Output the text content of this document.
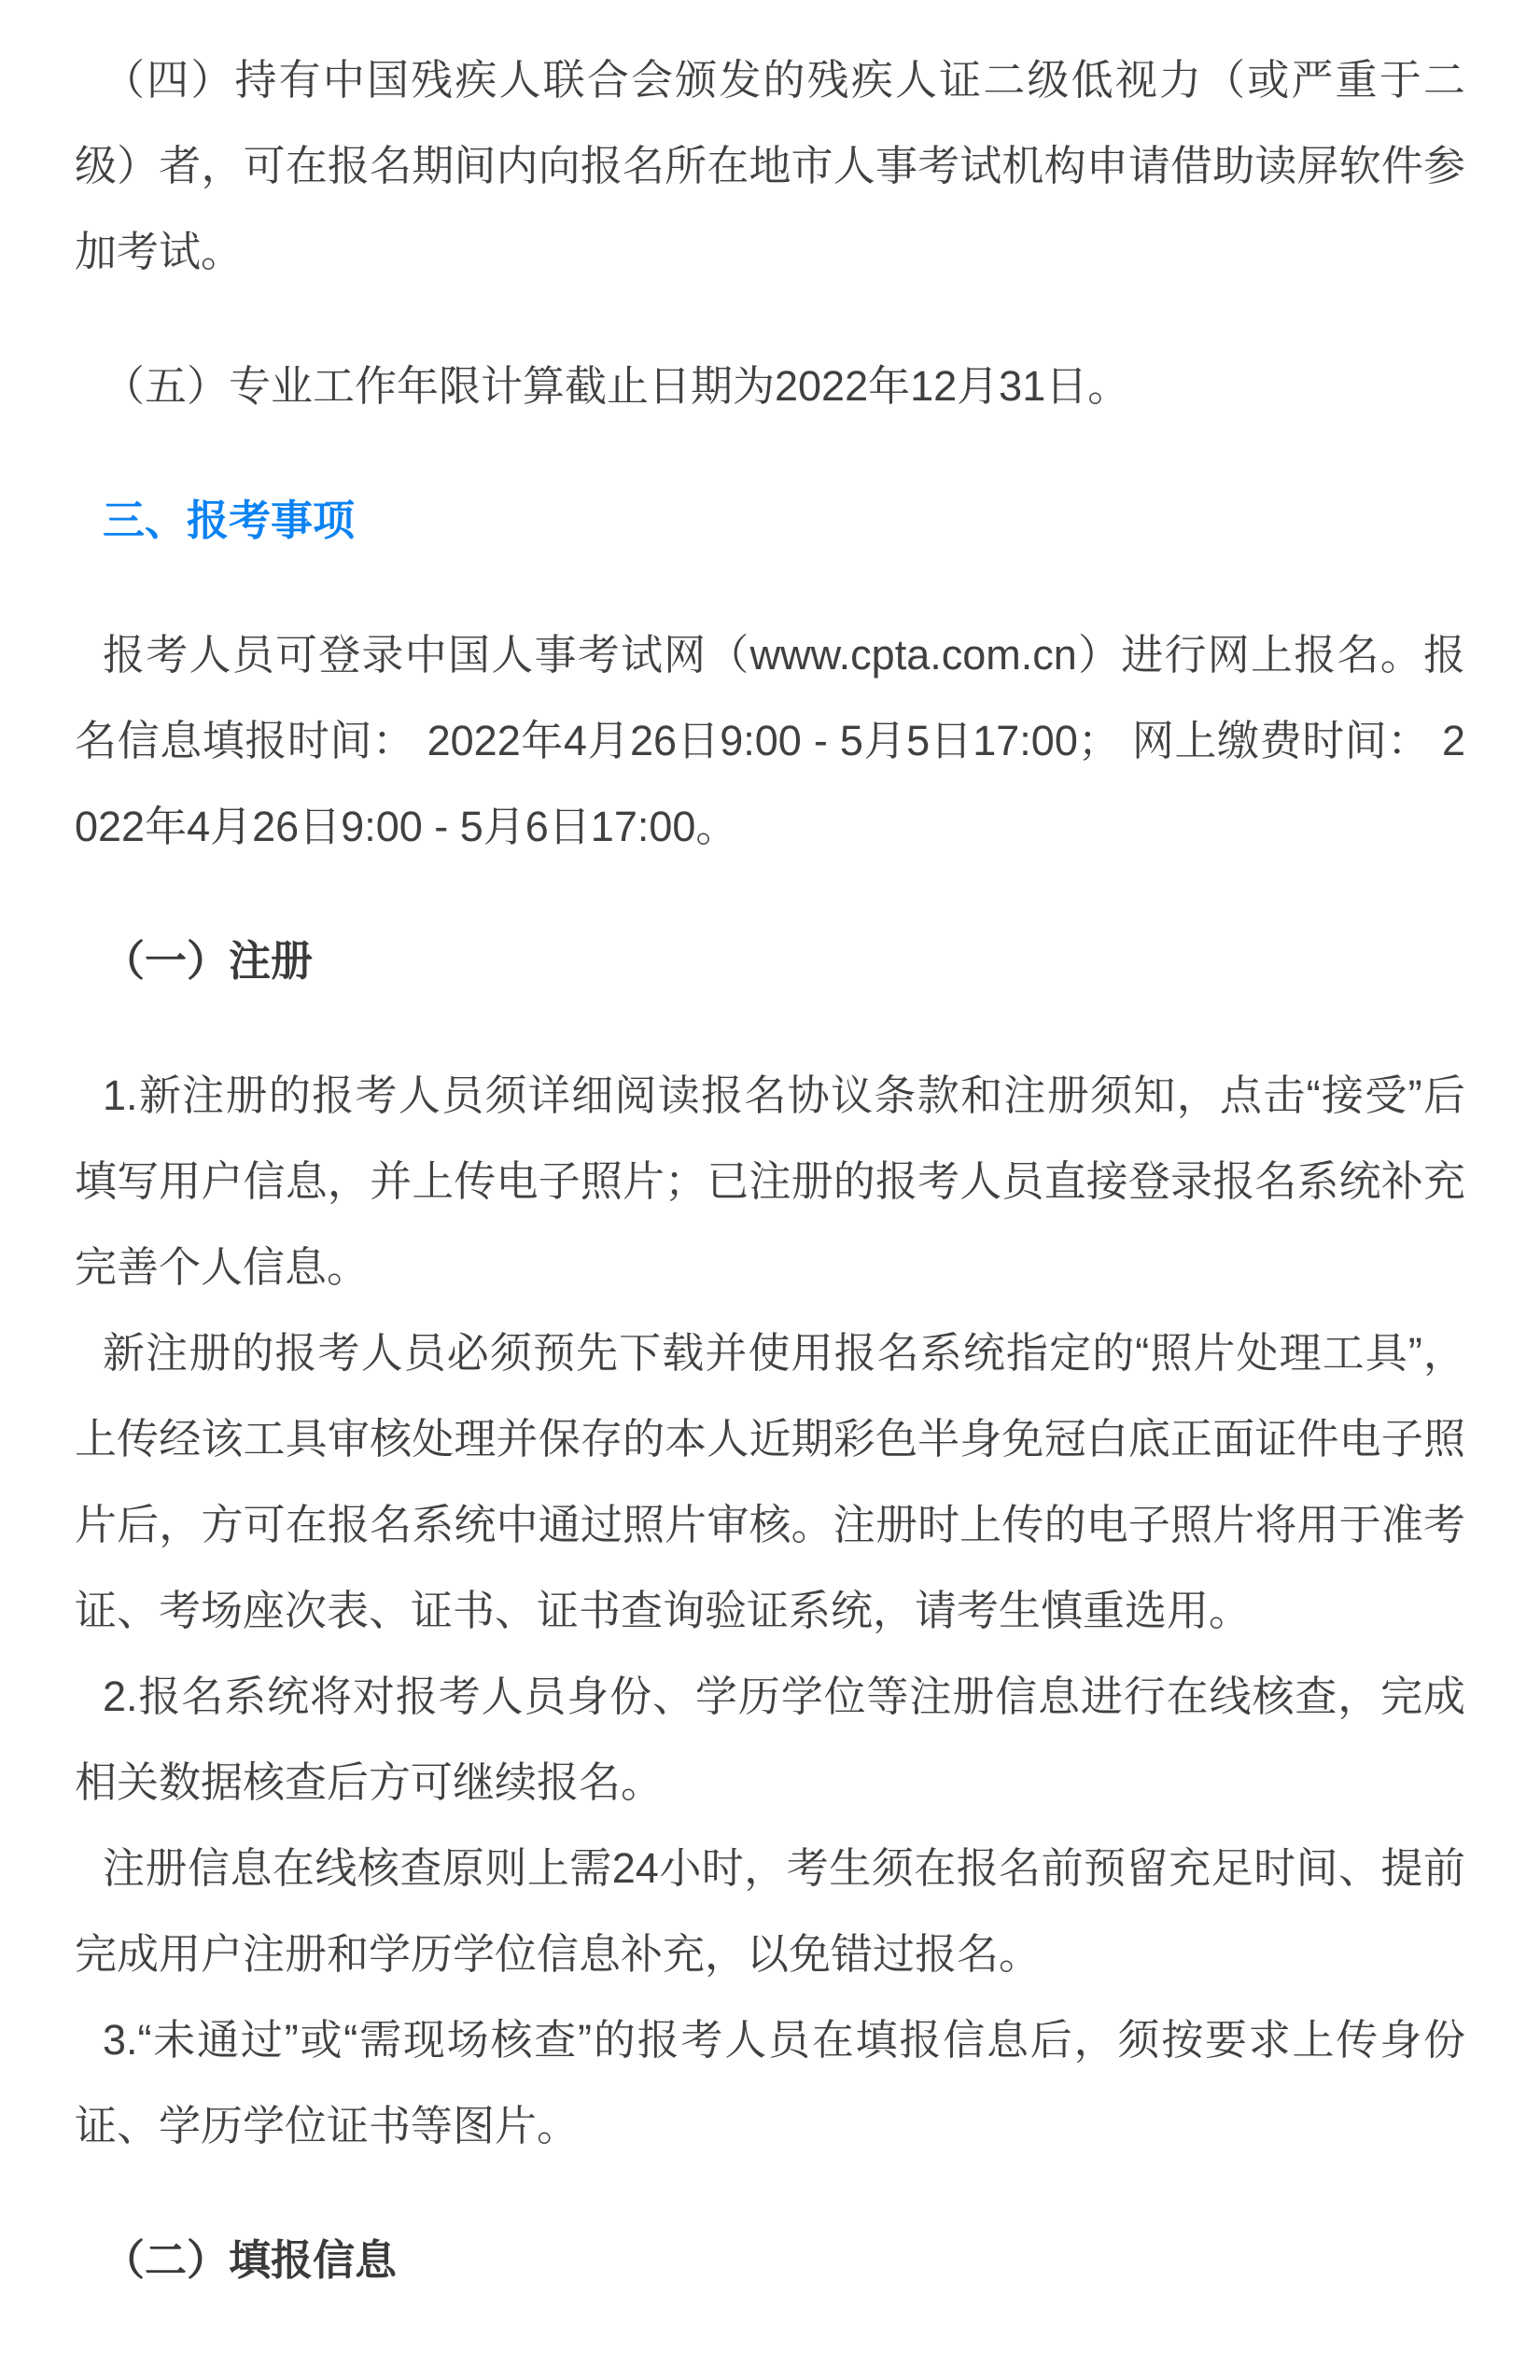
（四）持有中国残疾人联合会颁发的残疾人证二级低视力（或严重于二级）者，可在报名期间内向报名所在地市人事考试机构申请借助读屏软件参加考试。

（五）专业工作年限计算截止日期为2022年12月31日。

三、报考事项

报考人员可登录中国人事考试网（www.cpta.com.cn）进行网上报名。报名信息填报时间： 2022年4月26日9:00 - 5月5日17:00； 网上缴费时间： 2022年4月26日9:00 - 5月6日17:00。

（一）注册

1.新注册的报考人员须详细阅读报名协议条款和注册须知，点击“接受”后填写用户信息，并上传电子照片；已注册的报考人员直接登录报名系统补充完善个人信息。

新注册的报考人员必须预先下载并使用报名系统指定的“照片处理工具”，上传经该工具审核处理并保存的本人近期彩色半身免冠白底正面证件电子照片后，方可在报名系统中通过照片审核。注册时上传的电子照片将用于准考证、考场座次表、证书、证书查询验证系统，请考生慎重选用。

2.报名系统将对报考人员身份、学历学位等注册信息进行在线核查，完成相关数据核查后方可继续报名。

注册信息在线核查原则上需24小时，考生须在报名前预留充足时间、提前完成用户注册和学历学位信息补充，以免错过报名。

3.“未通过”或“需现场核查”的报考人员在填报信息后，须按要求上传身份证、学历学位证书等图片。

（二）填报信息
